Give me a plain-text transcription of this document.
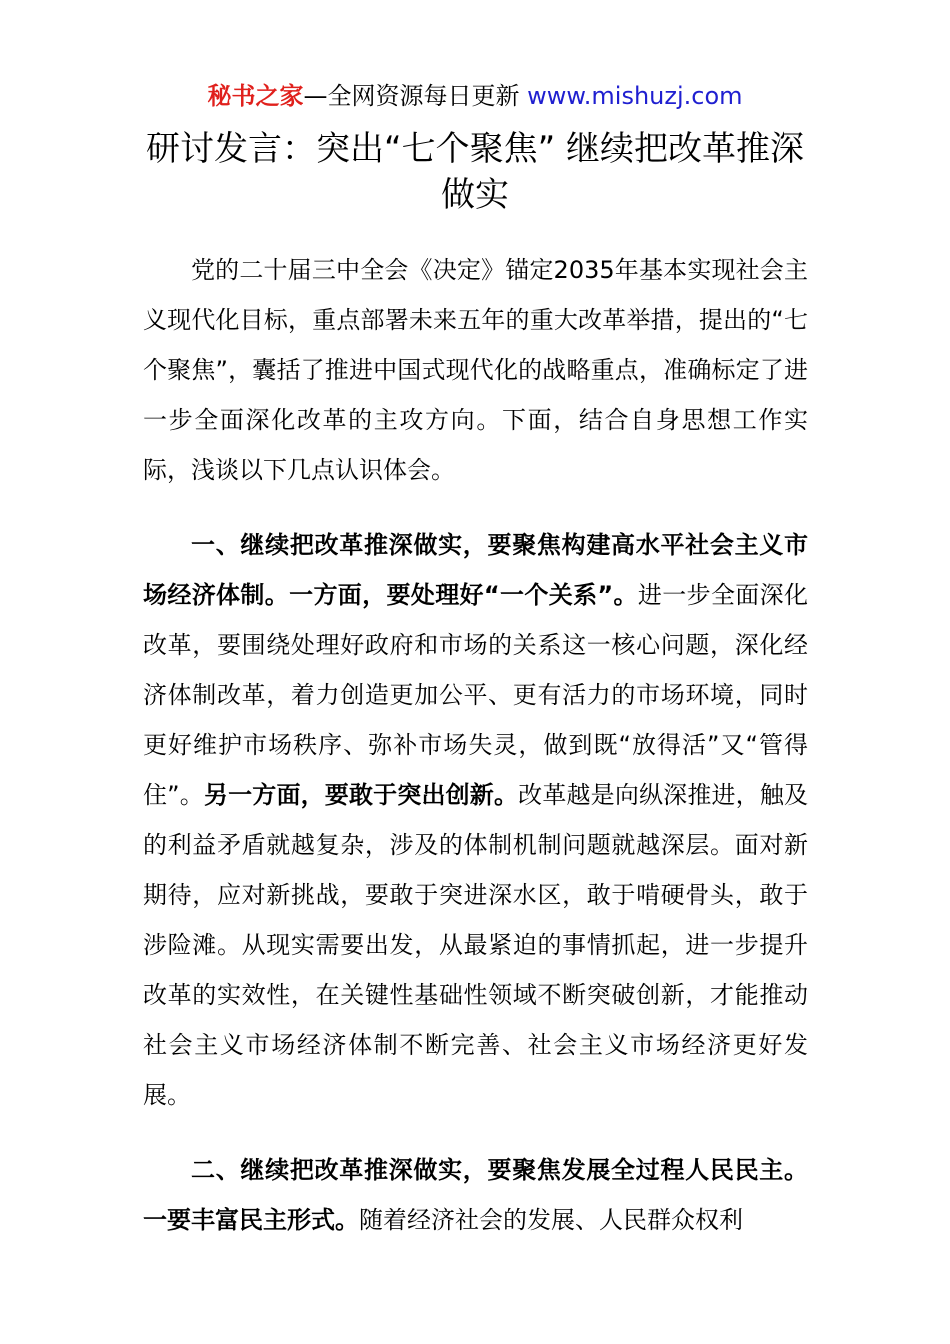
秘书之家—全网资源每日更新 www.mishuzj.com
研讨发言：突出“七个聚焦” 继续把改革推深做实

党的二十届三中全会《决定》锚定2035年基本实现社会主义现代化目标，重点部署未来五年的重大改革举措，提出的“七个聚焦”，囊括了推进中国式现代化的战略重点，准确标定了进一步全面深化改革的主攻方向。下面，结合自身思想工作实际，浅谈以下几点认识体会。

一、继续把改革推深做实，要聚焦构建高水平社会主义市场经济体制。一方面，要处理好“一个关系”。进一步全面深化改革，要围绕处理好政府和市场的关系这一核心问题，深化经济体制改革，着力创造更加公平、更有活力的市场环境，同时更好维护市场秩序、弥补市场失灵，做到既“放得活”又“管得住”。另一方面，要敢于突出创新。改革越是向纵深推进，触及的利益矛盾就越复杂，涉及的体制机制问题就越深层。面对新期待，应对新挑战，要敢于突进深水区，敢于啃硬骨头，敢于涉险滩。从现实需要出发，从最紧迫的事情抓起，进一步提升改革的实效性，在关键性基础性领域不断突破创新，才能推动社会主义市场经济体制不断完善、社会主义市场经济更好发展。

二、继续把改革推深做实，要聚焦发展全过程人民民主。一要丰富民主形式。随着经济社会的发展、人民群众权利
